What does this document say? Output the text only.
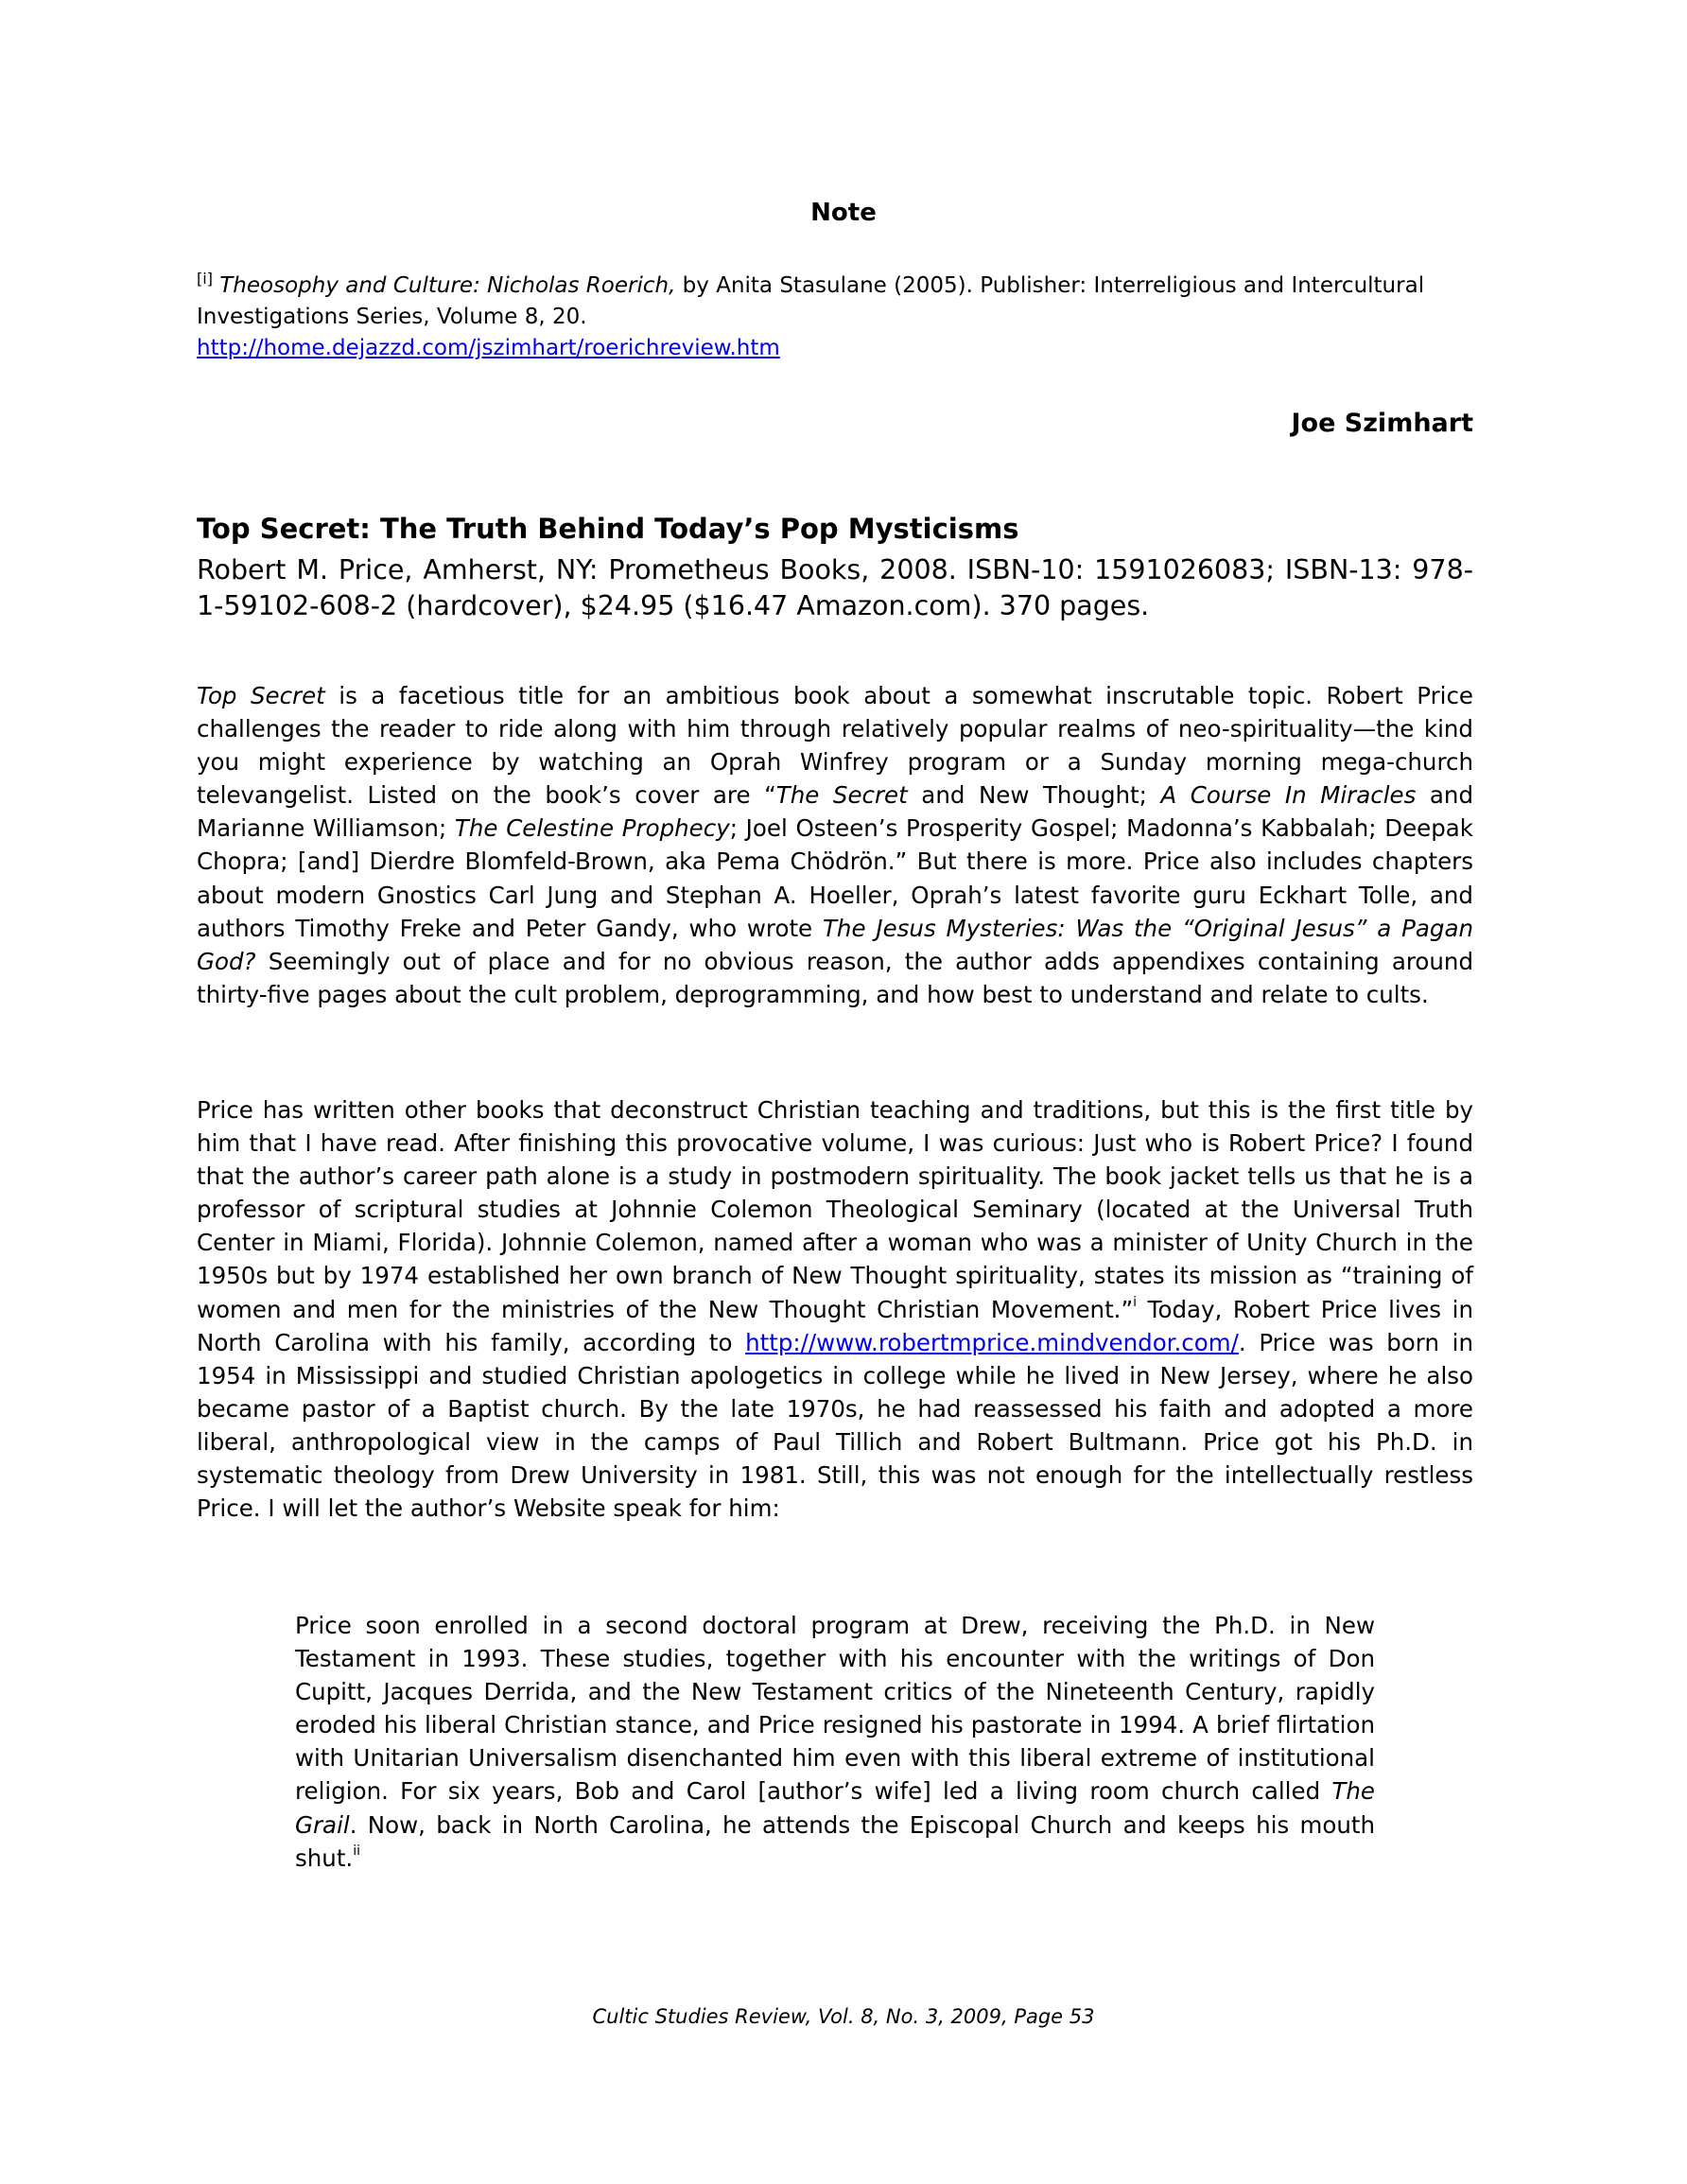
Note
[i] Theosophy and Culture: Nicholas Roerich, by Anita Stasulane (2005). Publisher: Interreligious and Intercultural Investigations Series, Volume 8, 20.
http://home.dejazzd.com/jszimhart/roerichreview.htm
Joe Szimhart
Top Secret: The Truth Behind Today’s Pop Mysticisms
Robert M. Price, Amherst, NY: Prometheus Books, 2008. ISBN-10: 1591026083; ISBN-13: 978-1-59102-608-2 (hardcover), $24.95 ($16.47 Amazon.com). 370 pages.

Top Secret is a facetious title for an ambitious book about a somewhat inscrutable topic. Robert Price challenges the reader to ride along with him through relatively popular realms of neo-spirituality—the kind you might experience by watching an Oprah Winfrey program or a Sunday morning mega-church televangelist. Listed on the book’s cover are “The Secret and New Thought; A Course In Miracles and Marianne Williamson; The Celestine Prophecy; Joel Osteen’s Prosperity Gospel; Madonna’s Kabbalah; Deepak Chopra; [and] Dierdre Blomfeld-Brown, aka Pema Chödrön.” But there is more. Price also includes chapters about modern Gnostics Carl Jung and Stephan A. Hoeller, Oprah’s latest favorite guru Eckhart Tolle, and authors Timothy Freke and Peter Gandy, who wrote The Jesus Mysteries: Was the “Original Jesus” a Pagan God? Seemingly out of place and for no obvious reason, the author adds appendixes containing around thirty-five pages about the cult problem, deprogramming, and how best to understand and relate to cults.

Price has written other books that deconstruct Christian teaching and traditions, but this is the first title by him that I have read. After finishing this provocative volume, I was curious: Just who is Robert Price? I found that the author’s career path alone is a study in postmodern spirituality. The book jacket tells us that he is a professor of scriptural studies at Johnnie Colemon Theological Seminary (located at the Universal Truth Center in Miami, Florida). Johnnie Colemon, named after a woman who was a minister of Unity Church in the 1950s but by 1974 established her own branch of New Thought spirituality, states its mission as “training of women and men for the ministries of the New Thought Christian Movement.”$^i$ Today, Robert Price lives in North Carolina with his family, according to http://www.robertmprice.mindvendor.com/. Price was born in 1954 in Mississippi and studied Christian apologetics in college while he lived in New Jersey, where he also became pastor of a Baptist church. By the late 1970s, he had reassessed his faith and adopted a more liberal, anthropological view in the camps of Paul Tillich and Robert Bultmann. Price got his Ph.D. in systematic theology from Drew University in 1981. Still, this was not enough for the intellectually restless Price. I will let the author’s Website speak for him:

Price soon enrolled in a second doctoral program at Drew, receiving the Ph.D. in New Testament in 1993. These studies, together with his encounter with the writings of Don Cupitt, Jacques Derrida, and the New Testament critics of the Nineteenth Century, rapidly eroded his liberal Christian stance, and Price resigned his pastorate in 1994. A brief flirtation with Unitarian Universalism disenchanted him even with this liberal extreme of institutional religion. For six years, Bob and Carol [author’s wife] led a living room church called The Grail. Now, back in North Carolina, he attends the Episcopal Church and keeps his mouth shut.$^{ii}$
Cultic Studies Review, Vol. 8, No. 3, 2009, Page 53
